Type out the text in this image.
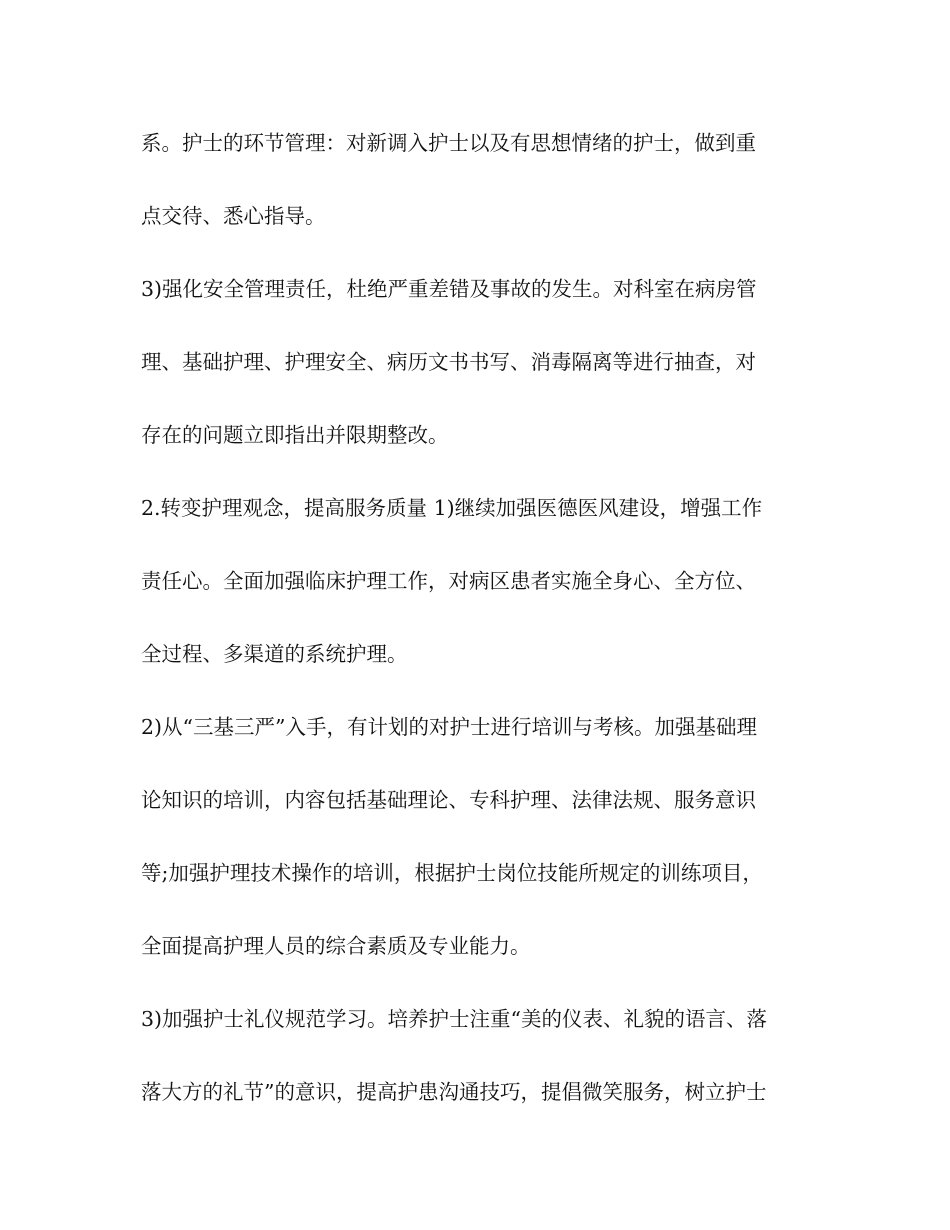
系。护士的环节管理：对新调入护士以及有思想情绪的护士，做到重
点交待、悉心指导。
3)强化安全管理责任，杜绝严重差错及事故的发生。对科室在病房管
理、基础护理、护理安全、病历文书书写、消毒隔离等进行抽查，对
存在的问题立即指出并限期整改。
2.转变护理观念，提高服务质量 1)继续加强医德医风建设，增强工作
责任心。全面加强临床护理工作，对病区患者实施全身心、全方位、
全过程、多渠道的系统护理。
2)从“三基三严”入手，有计划的对护士进行培训与考核。加强基础理
论知识的培训，内容包括基础理论、专科护理、法律法规、服务意识
等;加强护理技术操作的培训，根据护士岗位技能所规定的训练项目，
全面提高护理人员的综合素质及专业能力。
3)加强护士礼仪规范学习。培养护士注重“美的仪表、礼貌的语言、落
落大方的礼节”的意识，提高护患沟通技巧，提倡微笑服务，树立护士
